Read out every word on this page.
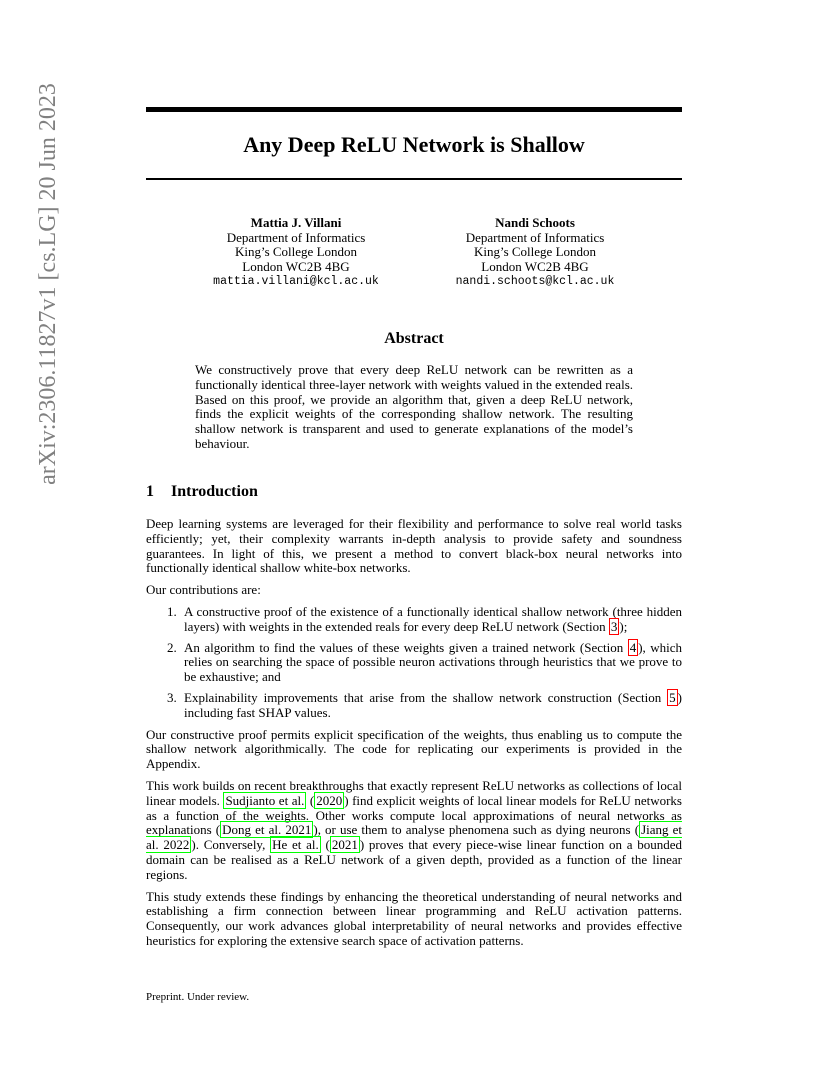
arXiv:2306.11827v1 [cs.LG] 20 Jun 2023	Any Deep ReLU Network is Shallow
Mattia J. Villani
Department of Informatics
King’s College London
London WC2B 4BG
mattia.villani@kcl.ac.uk
Nandi Schoots
Department of Informatics
King’s College London
London WC2B 4BG
nandi.schoots@kcl.ac.uk
Abstract
We constructively prove that every deep ReLU network can be rewritten as a functionally identical three-layer network with weights valued in the extended reals. Based on this proof, we provide an algorithm that, given a deep ReLU network, finds the explicit weights of the corresponding shallow network. The resulting shallow network is transparent and used to generate explanations of the model’s behaviour.
1 Introduction

Deep learning systems are leveraged for their flexibility and performance to solve real world tasks efficiently; yet, their complexity warrants in-depth analysis to provide safety and soundness guarantees. In light of this, we present a method to convert black-box neural networks into functionally identical shallow white-box networks.

Our contributions are:

1. A constructive proof of the existence of a functionally identical shallow network (three hidden layers) with weights in the extended reals for every deep ReLU network (Section 3 );
2. An algorithm to find the values of these weights given a trained network (Section 4 ), which relies on searching the space of possible neuron activations through heuristics that we prove to be exhaustive; and
3. Explainability improvements that arise from the shallow network construction (Section 5 ) including fast SHAP values.

Our constructive proof permits explicit specification of the weights, thus enabling us to compute the shallow network algorithmically. The code for replicating our experiments is provided in the Appendix.

This work builds on recent breakthroughs that exactly represent ReLU networks as collections of local linear models. Sudjianto et al. ( 2020 ) find explicit weights of local linear models for ReLU networks as a function of the weights. Other works compute local approximations of neural networks as explanations ( Dong et al. 2021 ), or use them to analyse phenomena such as dying neurons ( Jiang et al. 2022 ). Conversely, He et al. ( 2021 ) proves that every piece-wise linear function on a bounded domain can be realised as a ReLU network of a given depth, provided as a function of the linear regions.

This study extends these findings by enhancing the theoretical understanding of neural networks and establishing a firm connection between linear programming and ReLU activation patterns. Consequently, our work advances global interpretability of neural networks and provides effective heuristics for exploring the extensive search space of activation patterns.

Preprint. Under review.
